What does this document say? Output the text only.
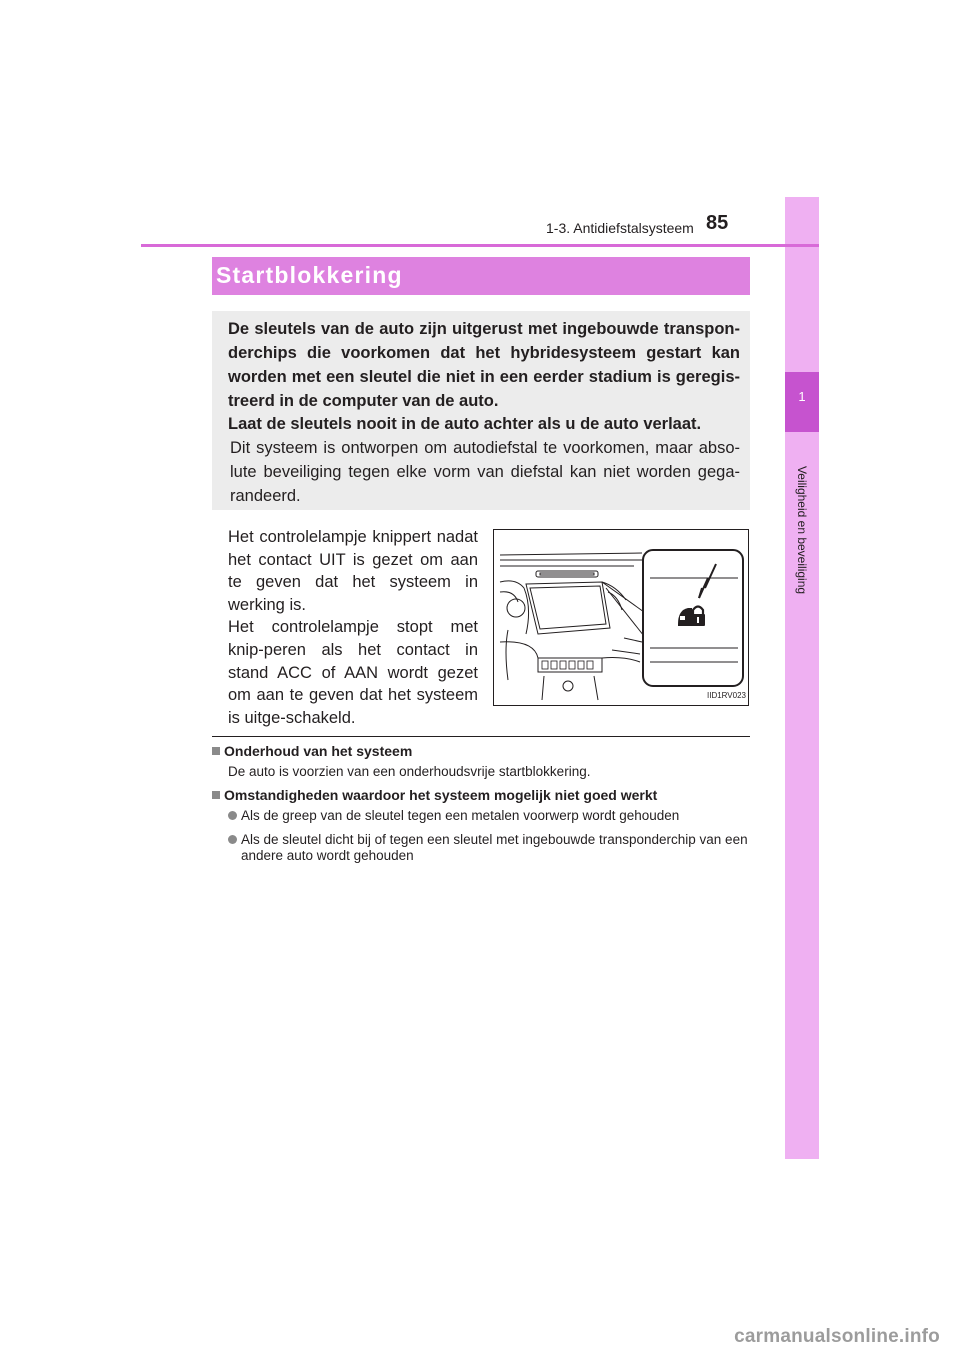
1
Veiligheid en beveiliging
1-3. Antidiefstalsysteem 85
Startblokkering

De sleutels van de auto zijn uitgerust met ingebouwde transpon-derchips die voorkomen dat het hybridesysteem gestart kan worden met een sleutel die niet in een eerder stadium is geregis-treerd in de computer van de auto.

Laat de sleutels nooit in de auto achter als u de auto verlaat.

Dit systeem is ontworpen om autodiefstal te voorkomen, maar abso-lute beveiliging tegen elke vorm van diefstal kan niet worden gega-randeerd.

Het controlelampje knippert nadat het contact UIT is gezet om aan te geven dat het systeem in werking is.
Het controlelampje stopt met knip-peren als het contact in stand ACC of AAN wordt gezet om aan te geven dat het systeem is uitge-schakeld.
IID1RV023

Onderhoud van het systeem

De auto is voorzien van een onderhoudsvrije startblokkering.

Omstandigheden waardoor het systeem mogelijk niet goed werkt

Als de greep van de sleutel tegen een metalen voorwerp wordt gehouden
Als de sleutel dicht bij of tegen een sleutel met ingebouwde transponderchip van een andere auto wordt gehouden
carmanualsonline.info
